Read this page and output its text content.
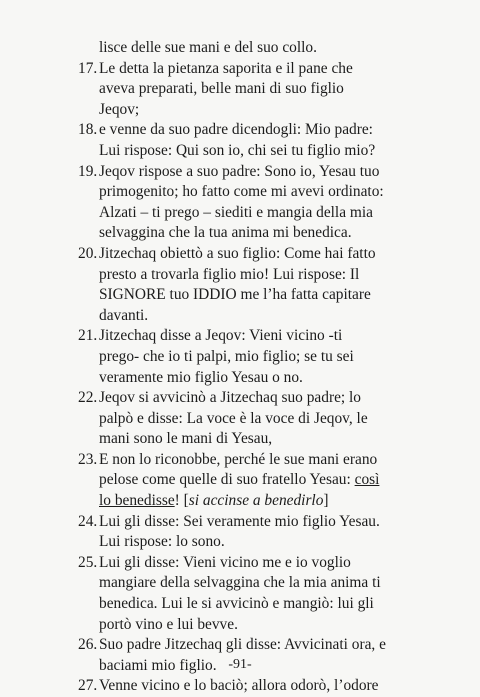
lisce delle sue mani e del suo collo.
17. Le detta la pietanza saporita e il pane che
aveva preparati, belle mani di suo figlio
Jeqov;
18. e venne da suo padre dicendogli: Mio padre:
Lui rispose: Qui son io, chi sei tu figlio mio?
19. Jeqov rispose a suo padre: Sono io, Yesau tuo
primogenito; ho fatto come mi avevi ordinato:
Alzati – ti prego – siediti e mangia della mia
selvaggina che la tua anima mi benedica.
20. Jitzechaq obiettò a suo figlio: Come hai fatto
presto a trovarla figlio mio! Lui rispose: Il
SIGNORE tuo IDDIO me l’ha fatta capitare
davanti.
21. Jitzechaq disse a Jeqov: Vieni vicino -ti
prego- che io ti palpi, mio figlio; se tu sei
veramente mio figlio Yesau o no.
22. Jeqov si avvicinò a Jitzechaq suo padre; lo
palpò e disse: La voce è la voce di Jeqov, le
mani sono le mani di Yesau,
23. E non lo riconobbe, perché le sue mani erano
pelose come quelle di suo fratello Yesau: così
lo benedisse! [si accinse a benedirlo]
24. Lui gli disse: Sei veramente mio figlio Yesau.
Lui rispose: lo sono.
25. Lui gli disse: Vieni vicino me e io voglio
mangiare della selvaggina che la mia anima ti
benedica. Lui le si avvicinò e mangiò: lui gli
portò vino e lui bevve.
26. Suo padre Jitzechaq gli disse: Avvicinati ora, e
baciami mio figlio.
27. Venne vicino e lo baciò; allora odorò, l’odore
-91-
